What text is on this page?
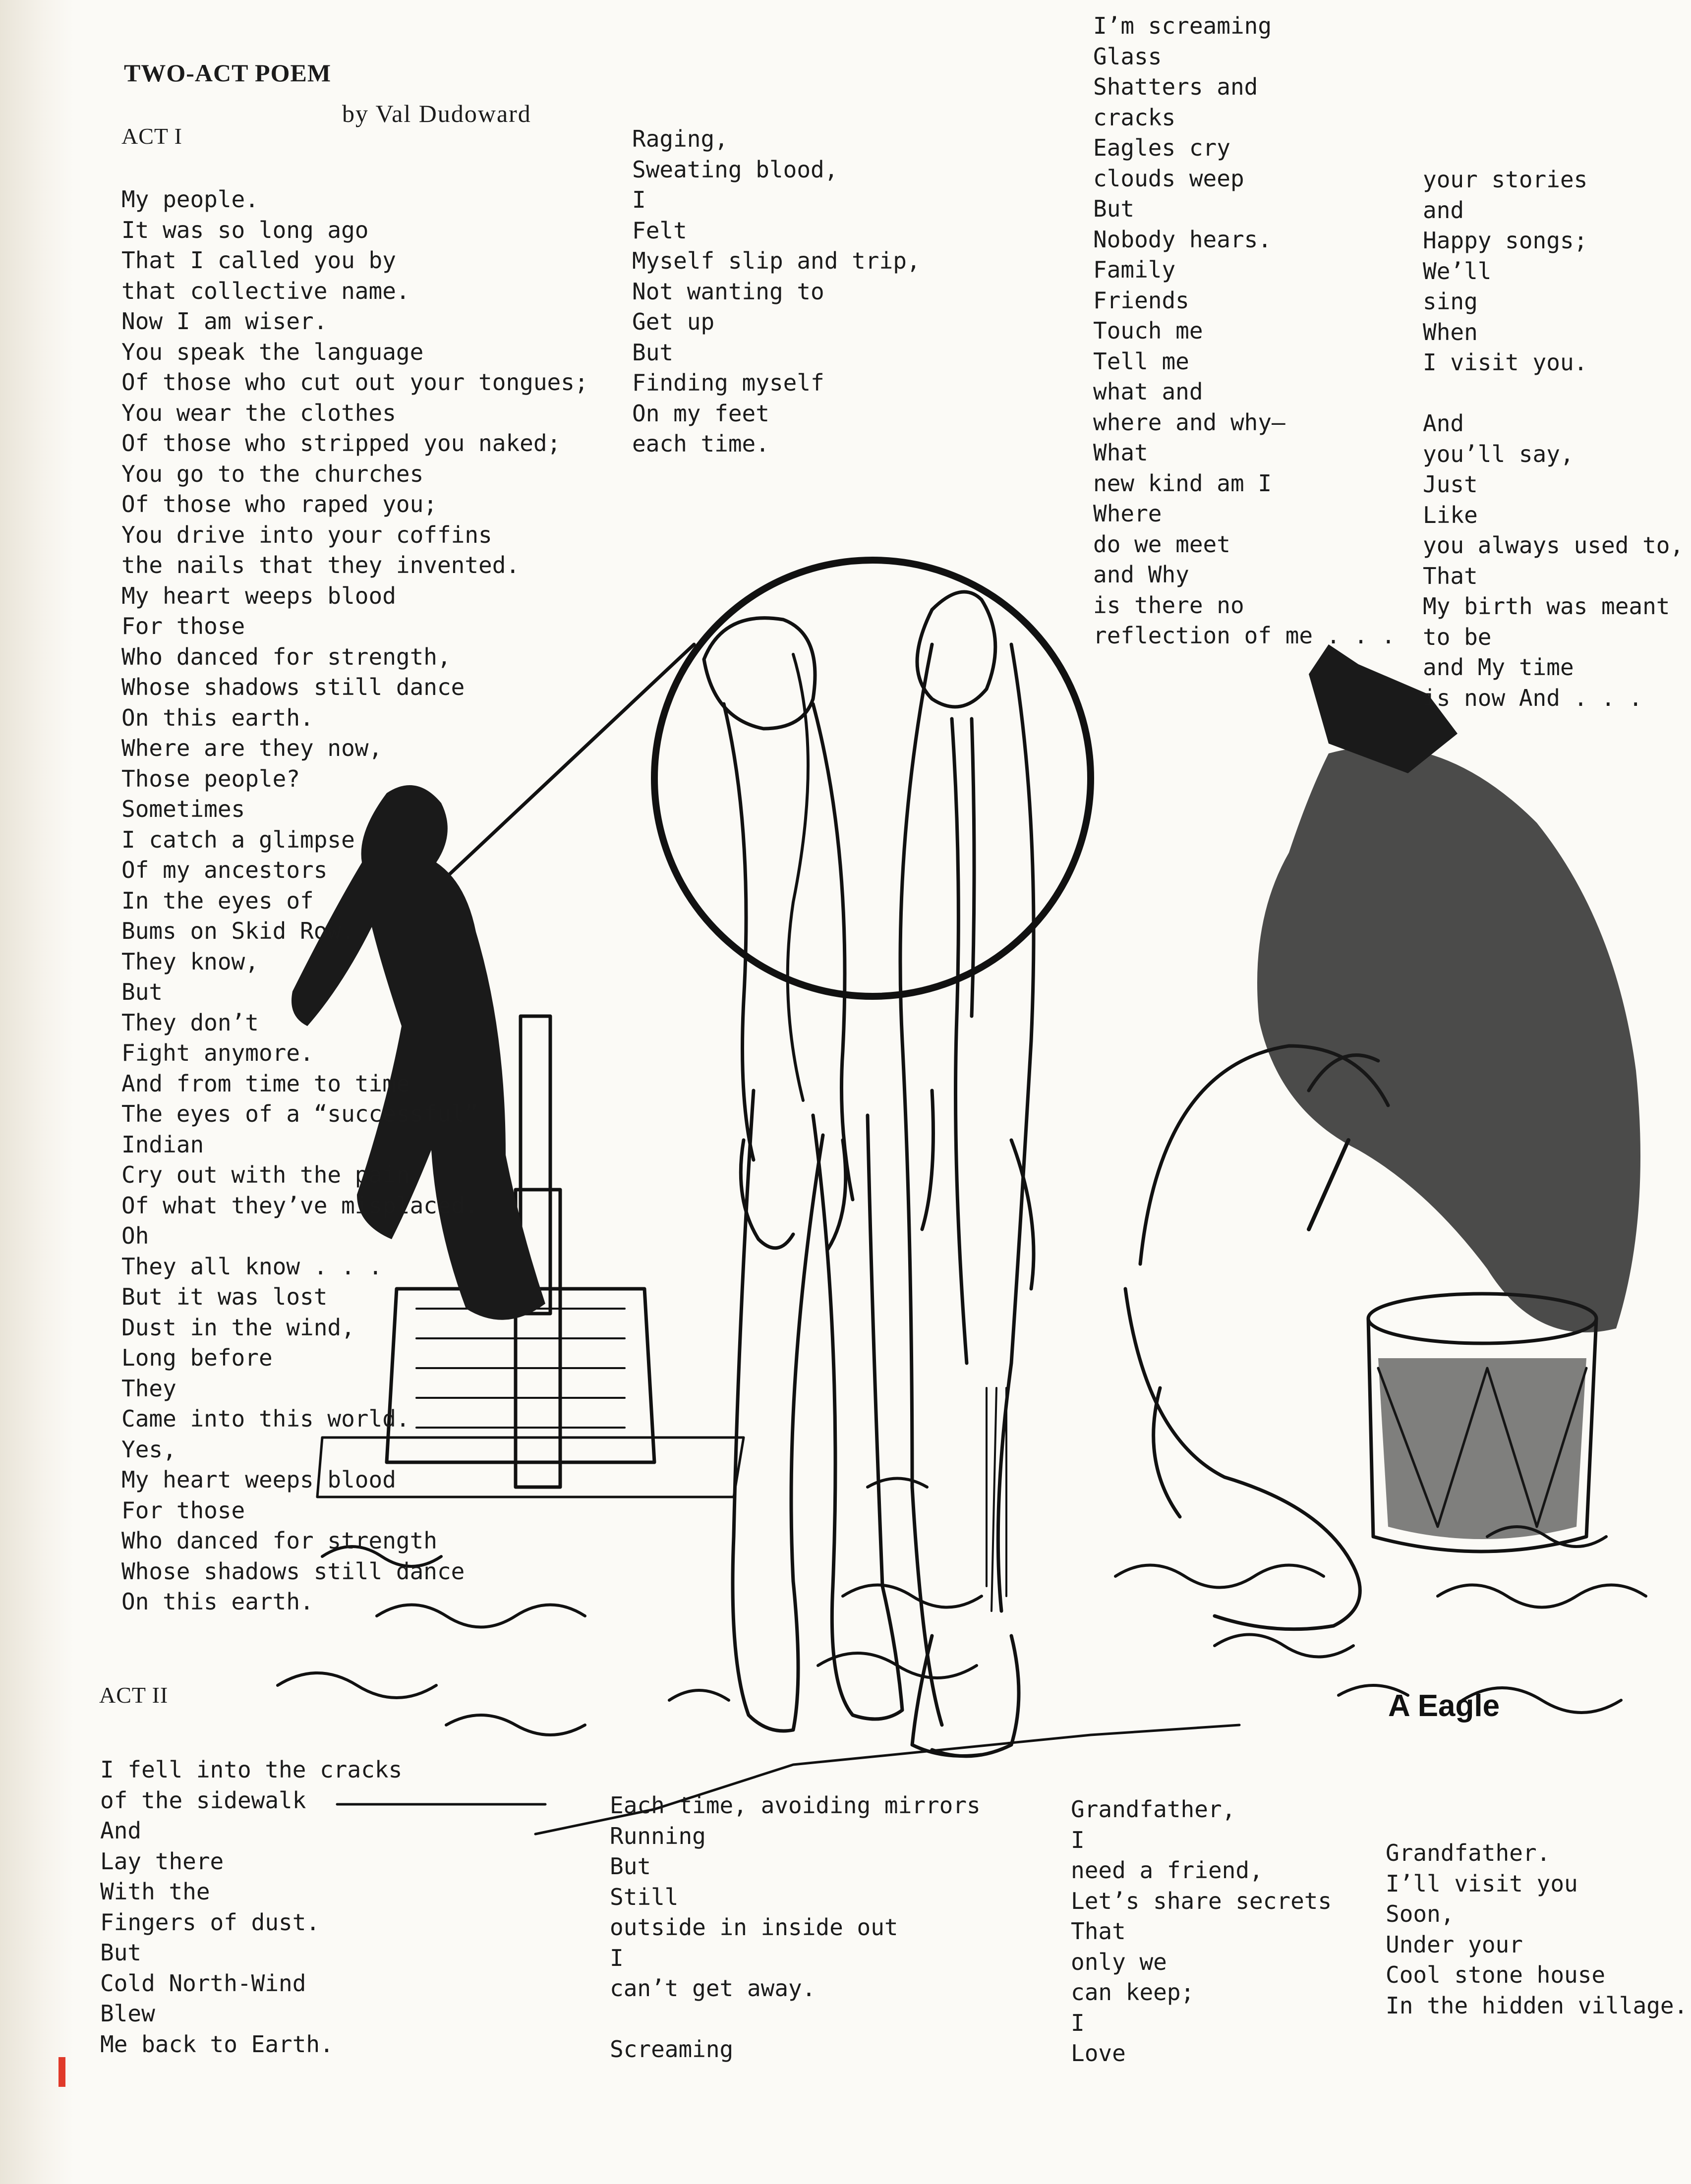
A Eagle
TWO-ACT POEM
by Val Dudoward
ACT I
ACT II
My people.
It was so long ago
That I called you by
that collective name.
Now I am wiser.
You speak the language
Of those who cut out your tongues;
You wear the clothes
Of those who stripped you naked;
You go to the churches
Of those who raped you;
You drive into your coffins
the nails that they invented.
My heart weeps blood
For those
Who danced for strength,
Whose shadows still dance
On this earth.
Where are they now,
Those people?
Sometimes
I catch a glimpse
Of my ancestors
In the eyes of
Bums on Skid Row.
They know,
But
They don’t
Fight anymore.
And from time to time
The eyes of a “successful”
Indian
Cry out with the pain
Of what they’ve misplaced.
Oh
They all know . . .
But it was lost
Dust in the wind,
Long before
They
Came into this world.
Yes,
My heart weeps blood
For those
Who danced for strength
Whose shadows still dance
On this earth.
Raging,
Sweating blood,
I
Felt
Myself slip and trip,
Not wanting to
Get up
But
Finding myself
On my feet
each time.
I’m screaming
Glass
Shatters and
cracks
Eagles cry
clouds weep
But
Nobody hears.
Family
Friends
Touch me
Tell me
what and
where and why—
What
new kind am I
Where
do we meet
and Why
is there no
reflection of me . . .
your stories
and
Happy songs;
We’ll
sing
When
I visit you.

And
you’ll say,
Just
Like
you always used to,
That
My birth was meant
to be
and My time
is now And . . .
I fell into the cracks
of the sidewalk
And
Lay there
With the
Fingers of dust.
But
Cold North-Wind
Blew
Me back to Earth.
Each time, avoiding mirrors
Running
But
Still
outside in inside out
I
can’t get away.

Screaming
Grandfather,
I
need a friend,
Let’s share secrets
That
only we
can keep;
I
Love
Grandfather.
I’ll visit you
Soon,
Under your
Cool stone house
In the hidden village.
